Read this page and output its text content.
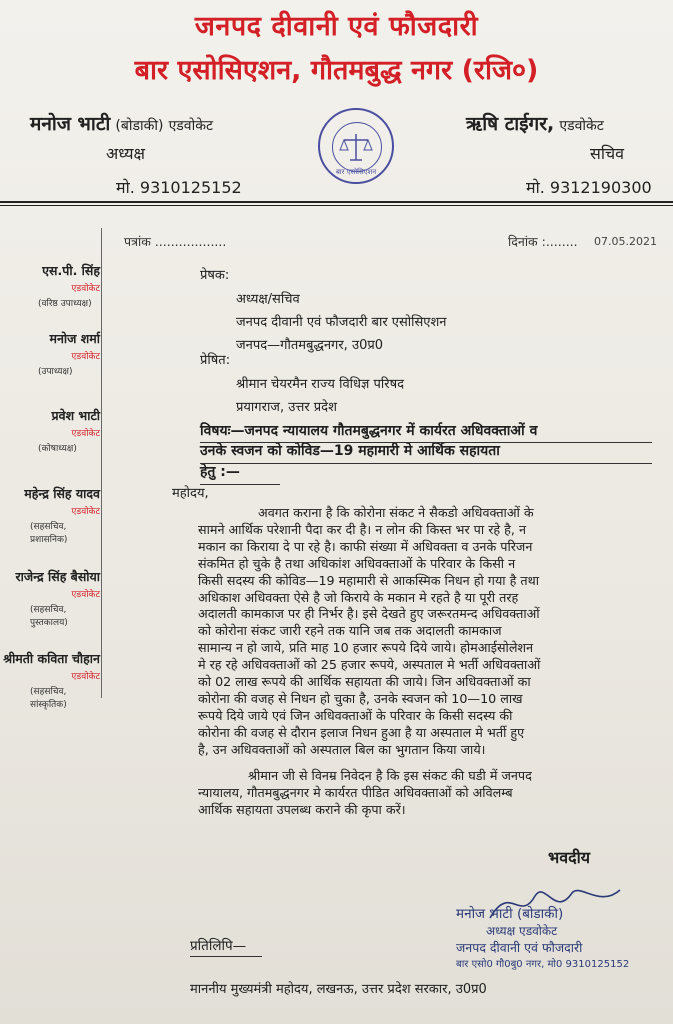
जनपद दीवानी एवं फौजदारी
बार एसोसिएशन, गौतमबुद्ध नगर (रजि०)
मनोज भाटी (बोडाकी) एडवोकेट
अध्यक्ष
मो. 9310125152
बार एसोसिएशन
ऋषि टाईगर, एडवोकेट
सचिव
मो. 9312190300
पत्रांक ..................	दिनांक :........ 07.05.2021
एस.पी. सिंह
एडवोकेट
(वरिष्ठ उपाध्यक्ष)
मनोज शर्मा
एडवोकेट
(उपाध्यक्ष)
प्रवेश भाटी
एडवोकेट
(कोषाध्यक्ष)
महेन्द्र सिंह यादव
एडवोकेट
(सहसचिव, प्रशासनिक)
राजेन्द्र सिंह बैसोया
एडवोकेट
(सहसचिव, पुस्तकालय)
श्रीमती कविता चौहान
एडवोकेट
(सहसचिव, सांस्कृतिक)
प्रेषक:
अध्यक्ष/सचिव
जनपद दीवानी एवं फौजदारी बार एसोसिएशन
जनपद—गौतमबुद्धनगर, उ0प्र0
प्रेषित:
श्रीमान चेयरमैन राज्य विधिज्ञ परिषद
प्रयागराज, उत्तर प्रदेश
विषयः—जनपद न्यायालय गौतमबुद्धनगर में कार्यरत अधिवक्ताओं व
उनके स्वजन को कोविड—19 महामारी मे आर्थिक सहायता
हेतु :—
महोदय,
अवगत कराना है कि कोरोना संकट ने सैकडो अधिवक्ताओं के
सामने आर्थिक परेशानी पैदा कर दी है। न लोन की किस्त भर पा रहे है, न
मकान का किराया दे पा रहे है। काफी संख्या में अधिवक्ता व उनके परिजन
संकमित हो चुके है तथा अधिकांश अधिवक्ताओं के परिवार के किसी न
किसी सदस्य की कोविड—19 महामारी से आकस्मिक निधन हो गया है तथा
अधिकाश अधिवक्ता ऐसे है जो किराये के मकान मे रहते है या पूरी तरह
अदालती कामकाज पर ही निर्भर है। इसे देखते हुए जरूरतमन्द अधिवक्ताओं
को कोरोना संकट जारी रहने तक यानि जब तक अदालती कामकाज
सामान्य न हो जाये, प्रति माह 10 हजार रूपये दिये जाये। होमआईसोलेशन
मे रह रहे अधिवक्ताओं को 25 हजार रूपये, अस्पताल मे भर्ती अधिवक्ताओं
को 02 लाख रूपये की आर्थिक सहायता की जाये। जिन अधिवक्ताओं का
कोरोना की वजह से निधन हो चुका है, उनके स्वजन को 10—10 लाख
रूपये दिये जाये एवं जिन अधिवक्ताओं के परिवार के किसी सदस्य की
कोरोना की वजह से दौरान इलाज निधन हुआ है या अस्पताल मे भर्ती हुए
है, उन अधिवक्ताओं को अस्पताल बिल का भुगतान किया जाये।
श्रीमान जी से विनम्र निवेदन है कि इस संकट की घडी में जनपद
न्यायालय, गौतमबुद्धनगर मे कार्यरत पीडित अधिवक्ताओं को अविलम्ब
आर्थिक सहायता उपलब्ध कराने की कृपा करें।
भवदीय
मनोज भाटी (बोडाकी)
अध्यक्ष एडवोकेट
जनपद दीवानी एवं फौजदारी
बार एसो0 गौ0बु0 नगर, मो0 9310125152
प्रतिलिपि—
माननीय मुख्यमंत्री महोदय, लखनऊ, उत्तर प्रदेश सरकार, उ0प्र0
